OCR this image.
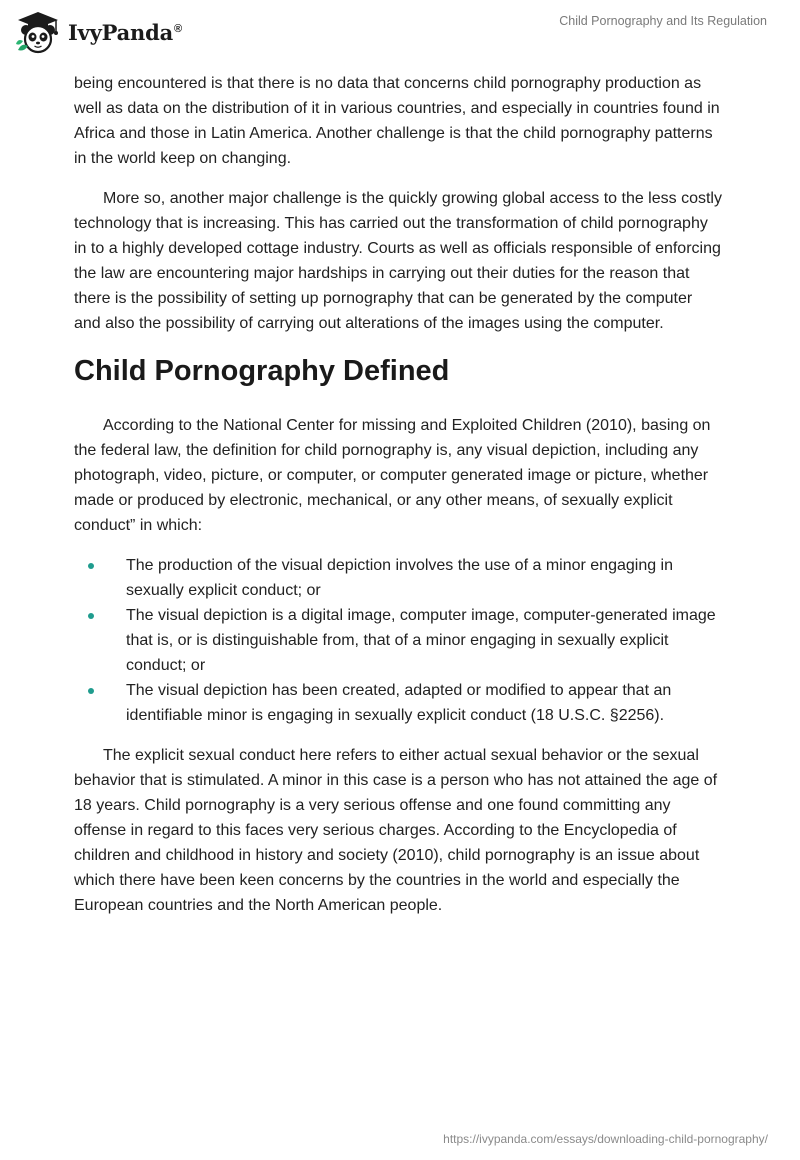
IvyPanda®
Child Pornography and Its Regulation

being encountered is that there is no data that concerns child pornography production as well as data on the distribution of it in various countries, and especially in countries found in Africa and those in Latin America. Another challenge is that the child pornography patterns in the world keep on changing.

More so, another major challenge is the quickly growing global access to the less costly technology that is increasing. This has carried out the transformation of child pornography in to a highly developed cottage industry. Courts as well as officials responsible of enforcing the law are encountering major hardships in carrying out their duties for the reason that there is the possibility of setting up pornography that can be generated by the computer and also the possibility of carrying out alterations of the images using the computer.

Child Pornography Defined

According to the National Center for missing and Exploited Children (2010), basing on the federal law, the definition for child pornography is, any visual depiction, including any photograph, video, picture, or computer, or computer generated image or picture, whether made or produced by electronic, mechanical, or any other means, of sexually explicit conduct” in which:

The production of the visual depiction involves the use of a minor engaging in sexually explicit conduct; or
The visual depiction is a digital image, computer image, computer-generated image that is, or is distinguishable from, that of a minor engaging in sexually explicit conduct; or
The visual depiction has been created, adapted or modified to appear that an identifiable minor is engaging in sexually explicit conduct (18 U.S.C. §2256).

The explicit sexual conduct here refers to either actual sexual behavior or the sexual behavior that is stimulated. A minor in this case is a person who has not attained the age of 18 years. Child pornography is a very serious offense and one found committing any offense in regard to this faces very serious charges. According to the Encyclopedia of children and childhood in history and society (2010), child pornography is an issue about which there have been keen concerns by the countries in the world and especially the European countries and the North American people.

https://ivypanda.com/essays/downloading-child-pornography/
